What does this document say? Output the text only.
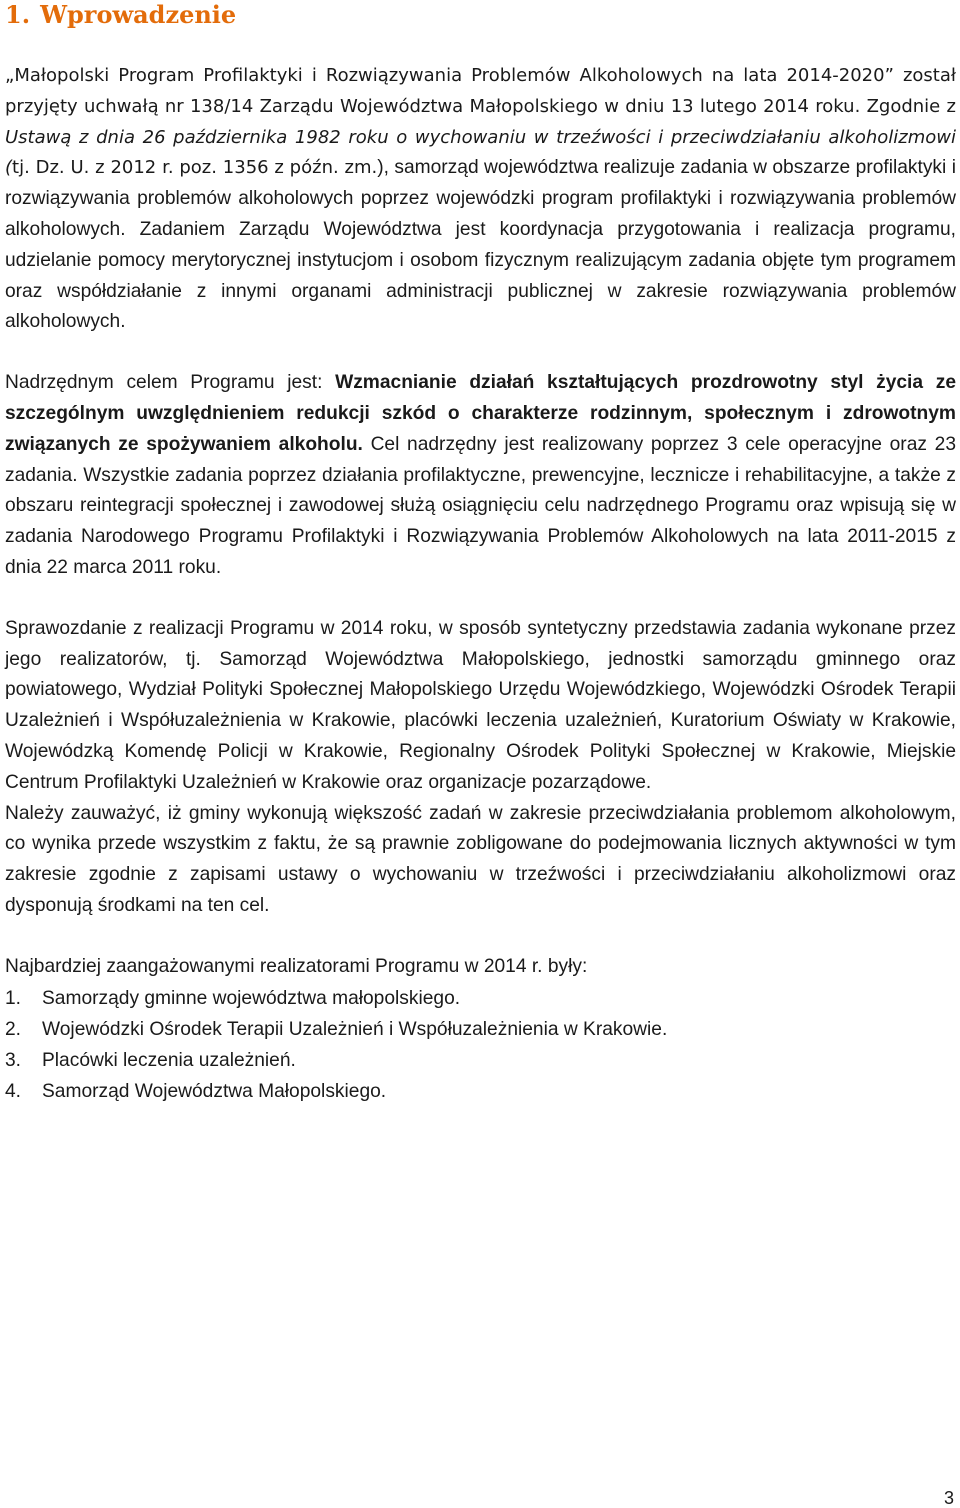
1. Wprowadzenie

„Małopolski Program Profilaktyki i Rozwiązywania Problemów Alkoholowych na lata 2014-2020” został przyjęty uchwałą nr 138/14 Zarządu Województwa Małopolskiego w dniu 13 lutego 2014 roku. Zgodnie z Ustawą z dnia 26 października 1982 roku o wychowaniu w trzeźwości i przeciwdziałaniu alkoholizmowi (tj. Dz. U. z 2012 r. poz. 1356 z późn. zm.), samorząd województwa realizuje zadania w obszarze profilaktyki i rozwiązywania problemów alkoholowych poprzez wojewódzki program profilaktyki i rozwiązywania problemów alkoholowych. Zadaniem Zarządu Województwa jest koordynacja przygotowania i realizacja programu, udzielanie pomocy merytorycznej instytucjom i osobom fizycznym realizującym zadania objęte tym programem oraz współdziałanie z innymi organami administracji publicznej w zakresie rozwiązywania problemów alkoholowych.

Nadrzędnym celem Programu jest: Wzmacnianie działań kształtujących prozdrowotny styl życia ze szczególnym uwzględnieniem redukcji szkód o charakterze rodzinnym, społecznym i zdrowotnym związanych ze spożywaniem alkoholu. Cel nadrzędny jest realizowany poprzez 3 cele operacyjne oraz 23 zadania. Wszystkie zadania poprzez działania profilaktyczne, prewencyjne, lecznicze i rehabilitacyjne, a także z obszaru reintegracji społecznej i zawodowej służą osiągnięciu celu nadrzędnego Programu oraz wpisują się w zadania Narodowego Programu Profilaktyki i Rozwiązywania Problemów Alkoholowych na lata 2011-2015 z dnia 22 marca 2011 roku.

Sprawozdanie z realizacji Programu w 2014 roku, w sposób syntetyczny przedstawia zadania wykonane przez jego realizatorów, tj. Samorząd Województwa Małopolskiego, jednostki samorządu gminnego oraz powiatowego, Wydział Polityki Społecznej Małopolskiego Urzędu Wojewódzkiego, Wojewódzki Ośrodek Terapii Uzależnień i Współuzależnienia w Krakowie, placówki leczenia uzależnień, Kuratorium Oświaty w Krakowie, Wojewódzką Komendę Policji w Krakowie, Regionalny Ośrodek Polityki Społecznej w Krakowie, Miejskie Centrum Profilaktyki Uzależnień w Krakowie oraz organizacje pozarządowe.

Należy zauważyć, iż gminy wykonują większość zadań w zakresie przeciwdziałania problemom alkoholowym, co wynika przede wszystkim z faktu, że są prawnie zobligowane do podejmowania licznych aktywności w tym zakresie zgodnie z zapisami ustawy o wychowaniu w trzeźwości i przeciwdziałaniu alkoholizmowi oraz dysponują środkami na ten cel.

Najbardziej zaangażowanymi realizatorami Programu w 2014 r. były:

1.	Samorządy gminne województwa małopolskiego.
2.	Wojewódzki Ośrodek Terapii Uzależnień i Współuzależnienia w Krakowie.
3.	Placówki leczenia uzależnień.
4.	Samorząd Województwa Małopolskiego.
3
